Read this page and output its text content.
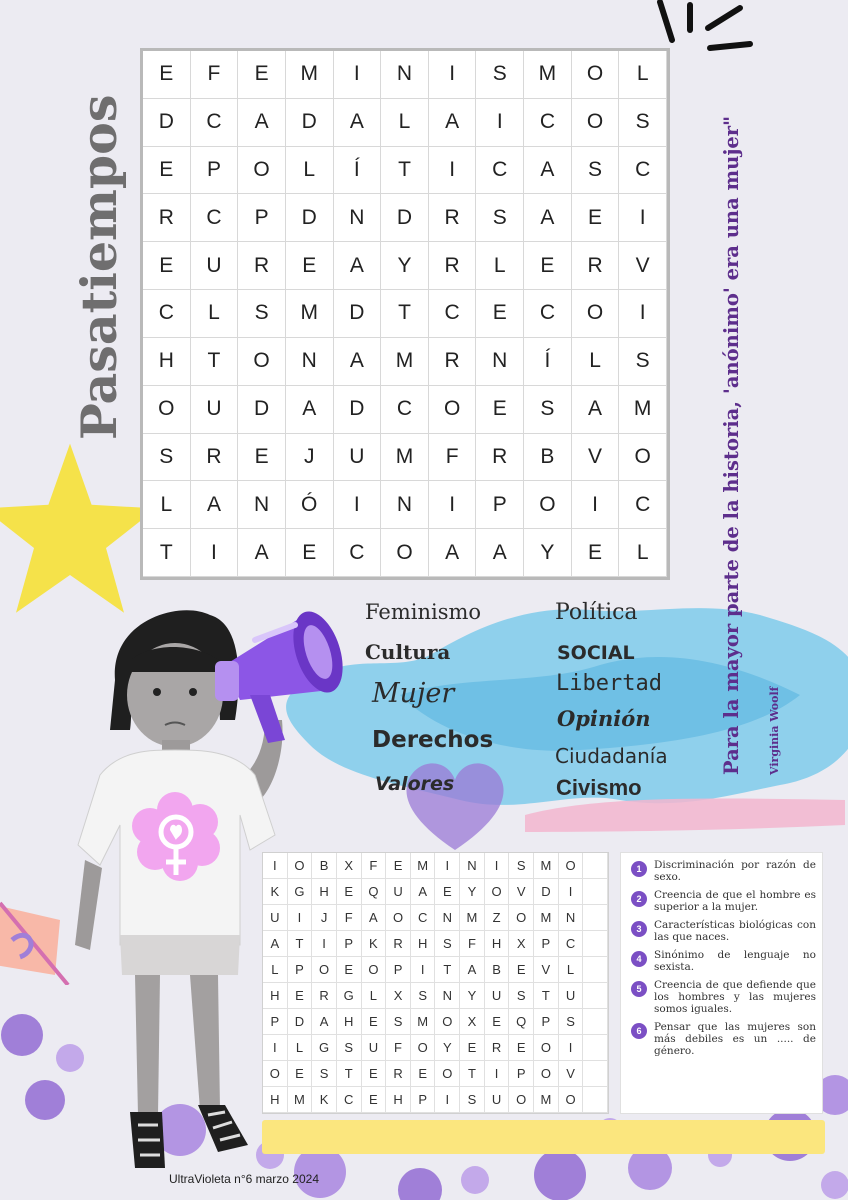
E	F	E	M	I	N	I	S	M	O	L
D	C	A	D	A	L	A	I	C	O	S
E	P	O	L	Í	T	I	C	A	S	C
R	C	P	D	N	D	R	S	A	E	I
E	U	R	E	A	Y	R	L	E	R	V
C	L	S	M	D	T	C	E	C	O	I
H	T	O	N	A	M	R	N	Í	L	S
O	U	D	A	D	C	O	E	S	A	M
S	R	E	J	U	M	F	R	B	V	O
L	A	N	Ó	I	N	I	P	O	I	C
T	I	A	E	C	O	A	A	Y	E	L
Pasatiempos	Para la mayor parte de la historia, 'anónimo' era una mujer"	Virginia Woolf
Feminismo
Cultura
Mujer
Derechos
Valores
Política
SOCIAL
Libertad
Opinión
Ciudadanía
Civismo
I	O	B	X	F	E	M	I	N	I	S	M	O
K	G	H	E	Q	U	A	E	Y	O	V	D	I
U	I	J	F	A	O	C	N	M	Z	O	M	N
A	T	I	P	K	R	H	S	F	H	X	P	C
L	P	O	E	O	P	I	T	A	B	E	V	L
H	E	R	G	L	X	S	N	Y	U	S	T	U
P	D	A	H	E	S	M	O	X	E	Q	P	S
I	L	G	S	U	F	O	Y	E	R	E	O	I
O	E	S	T	E	R	E	O	T	I	P	O	V
H	M	K	C	E	H	P	I	S	U	O	M	O
1	Discriminación por razón de sexo.
2	Creencia de que el hombre es superior a la mujer.
3	Características biológicas con las que naces.
4	Sinónimo de lenguaje no sexista.
5	Creencia de que defiende que los hombres y las mujeres somos iguales.
6	Pensar que las mujeres son más debiles es un ..... de género.
UltraVioleta n°6 marzo 2024
